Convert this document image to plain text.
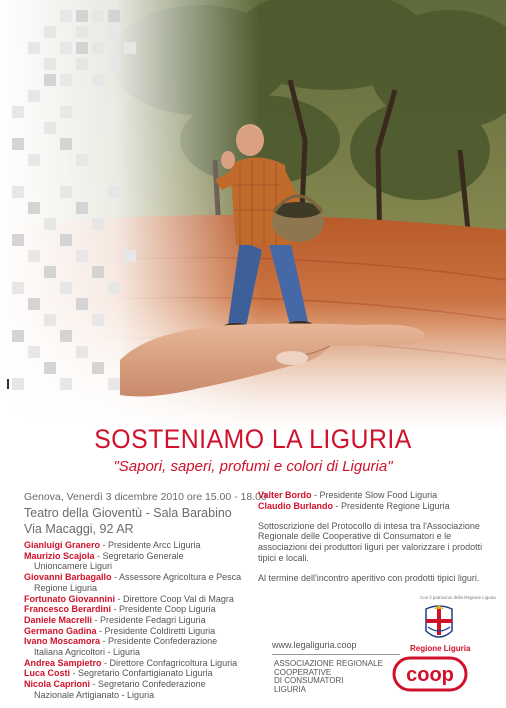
SOSTENIAMO LA LIGURIA
"Sapori, saperi, profumi e colori di Liguria"
Genova, Venerdì 3 dicembre 2010 ore 15.00 - 18.00
Teatro della Gioventù - Sala Barabino
Via Macaggi, 92 AR
Gianluigi Granero - Presidente Arcc Liguria
Maurizio Scajola - Segretario Generale
Unioncamere Liguri
Giovanni Barbagallo - Assessore Agricoltura e Pesca
Regione Liguria
Fortunato Giovannini - Direttore Coop Val di Magra
Francesco Berardini - Presidente Coop Liguria
Daniele Macrelli - Presidente Fedagri Liguria
Germano Gadina - Presidente Coldiretti Liguria
Ivano Moscamora - Presidente Confederazione
Italiana Agricoltori - Liguria
Andrea Sampietro - Direttore Confagricoltura Liguria
Luca Costi - Segretario Confartigianato Liguria
Nicola Caprioni - Segretario Confederazione
Nazionale Artigianato - Liguria

Valter Bordo - Presidente Slow Food Liguria

Claudio Burlando - Presidente Regione Liguria

Sottoscrizione del Protocollo di intesa tra l'Associazione Regionale delle Cooperative di Consumatori e le associazioni dei produttori liguri per valorizzare i prodotti tipici e locali.

Al termine dell'incontro aperitivo con prodotti tipici liguri.

Con il patrocinio della Regione Liguria
Regione Liguria
www.legaliguria.coop
ASSOCIAZIONE REGIONALE
COOPERATIVE
DI CONSUMATORI
LIGURIA
coop
